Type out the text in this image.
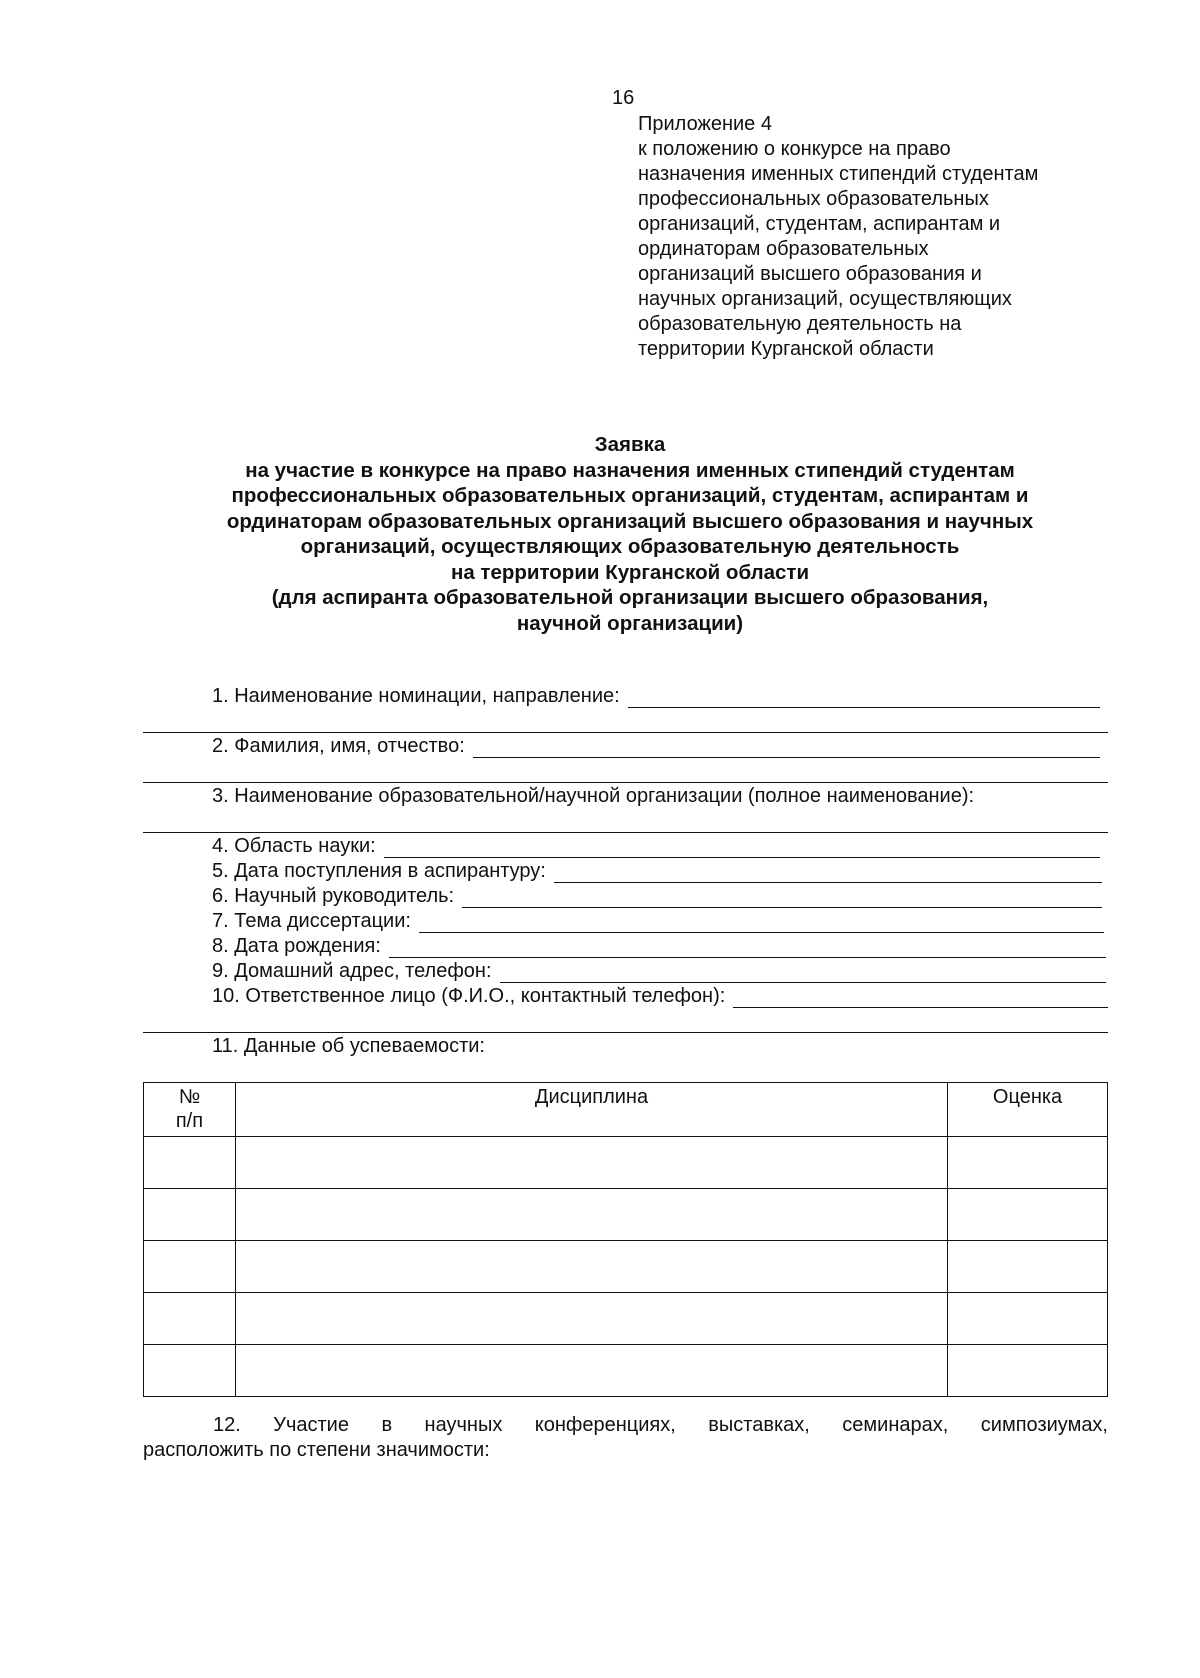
16
Приложение 4
к положению о конкурсе на право
назначения именных стипендий студентам
профессиональных образовательных
организаций, студентам, аспирантам и
ординаторам образовательных
организаций высшего образования и
научных организаций, осуществляющих
образовательную деятельность на
территории Курганской области
Заявка
на участие в конкурсе на право назначения именных стипендий студентам
профессиональных образовательных организаций, студентам, аспирантам и
ординаторам образовательных организаций высшего образования и научных
организаций, осуществляющих образовательную деятельность
на территории Курганской области
(для аспиранта образовательной организации высшего образования,
научной организации)
1. Наименование номинации, направление:
2. Фамилия, имя, отчество:
3. Наименование образовательной/научной организации (полное наименование):
4. Область науки:
5. Дата поступления в аспирантуру:
6. Научный руководитель:
7. Тема диссертации:
8. Дата рождения:
9. Домашний адрес, телефон:
10. Ответственное лицо (Ф.И.О., контактный телефон):
11. Данные об успеваемости:
№
п/п	Дисциплина	Оценка

12. Участие в научных конференциях, выставках, семинарах, симпозиумах,
расположить по степени значимости:
